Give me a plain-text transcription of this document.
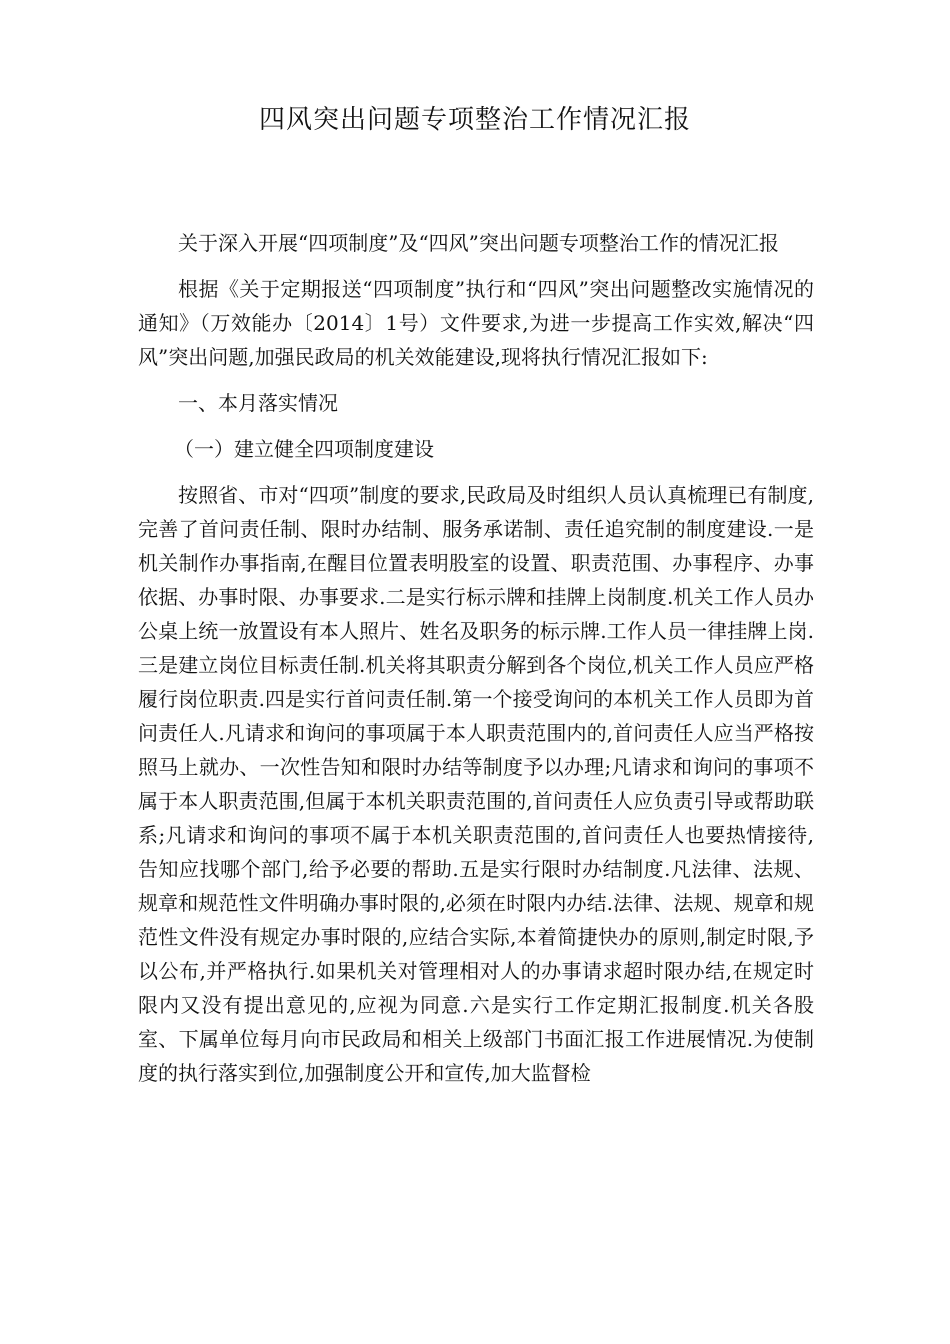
四风突出问题专项整治工作情况汇报

关于深入开展“四项制度”及“四风”突出问题专项整治工作的情况汇报

根据《关于定期报送“四项制度”执行和“四风”突出问题整改实施情况的通知》（万效能办〔2014〕1号）文件要求,为进一步提高工作实效,解决“四风”突出问题,加强民政局的机关效能建设,现将执行情况汇报如下:

一、本月落实情况

（一）建立健全四项制度建设

按照省、市对“四项”制度的要求,民政局及时组织人员认真梳理已有制度,完善了首问责任制、限时办结制、服务承诺制、责任追究制的制度建设.一是机关制作办事指南,在醒目位置表明股室的设置、职责范围、办事程序、办事依据、办事时限、办事要求.二是实行标示牌和挂牌上岗制度.机关工作人员办公桌上统一放置设有本人照片、姓名及职务的标示牌.工作人员一律挂牌上岗.三是建立岗位目标责任制.机关将其职责分解到各个岗位,机关工作人员应严格履行岗位职责.四是实行首问责任制.第一个接受询问的本机关工作人员即为首问责任人.凡请求和询问的事项属于本人职责范围内的,首问责任人应当严格按照马上就办、一次性告知和限时办结等制度予以办理;凡请求和询问的事项不属于本人职责范围,但属于本机关职责范围的,首问责任人应负责引导或帮助联系;凡请求和询问的事项不属于本机关职责范围的,首问责任人也要热情接待,告知应找哪个部门,给予必要的帮助.五是实行限时办结制度.凡法律、法规、规章和规范性文件明确办事时限的,必须在时限内办结.法律、法规、规章和规范性文件没有规定办事时限的,应结合实际,本着简捷快办的原则,制定时限,予以公布,并严格执行.如果机关对管理相对人的办事请求超时限办结,在规定时限内又没有提出意见的,应视为同意.六是实行工作定期汇报制度.机关各股室、下属单位每月向市民政局和相关上级部门书面汇报工作进展情况.为使制度的执行落实到位,加强制度公开和宣传,加大监督检
